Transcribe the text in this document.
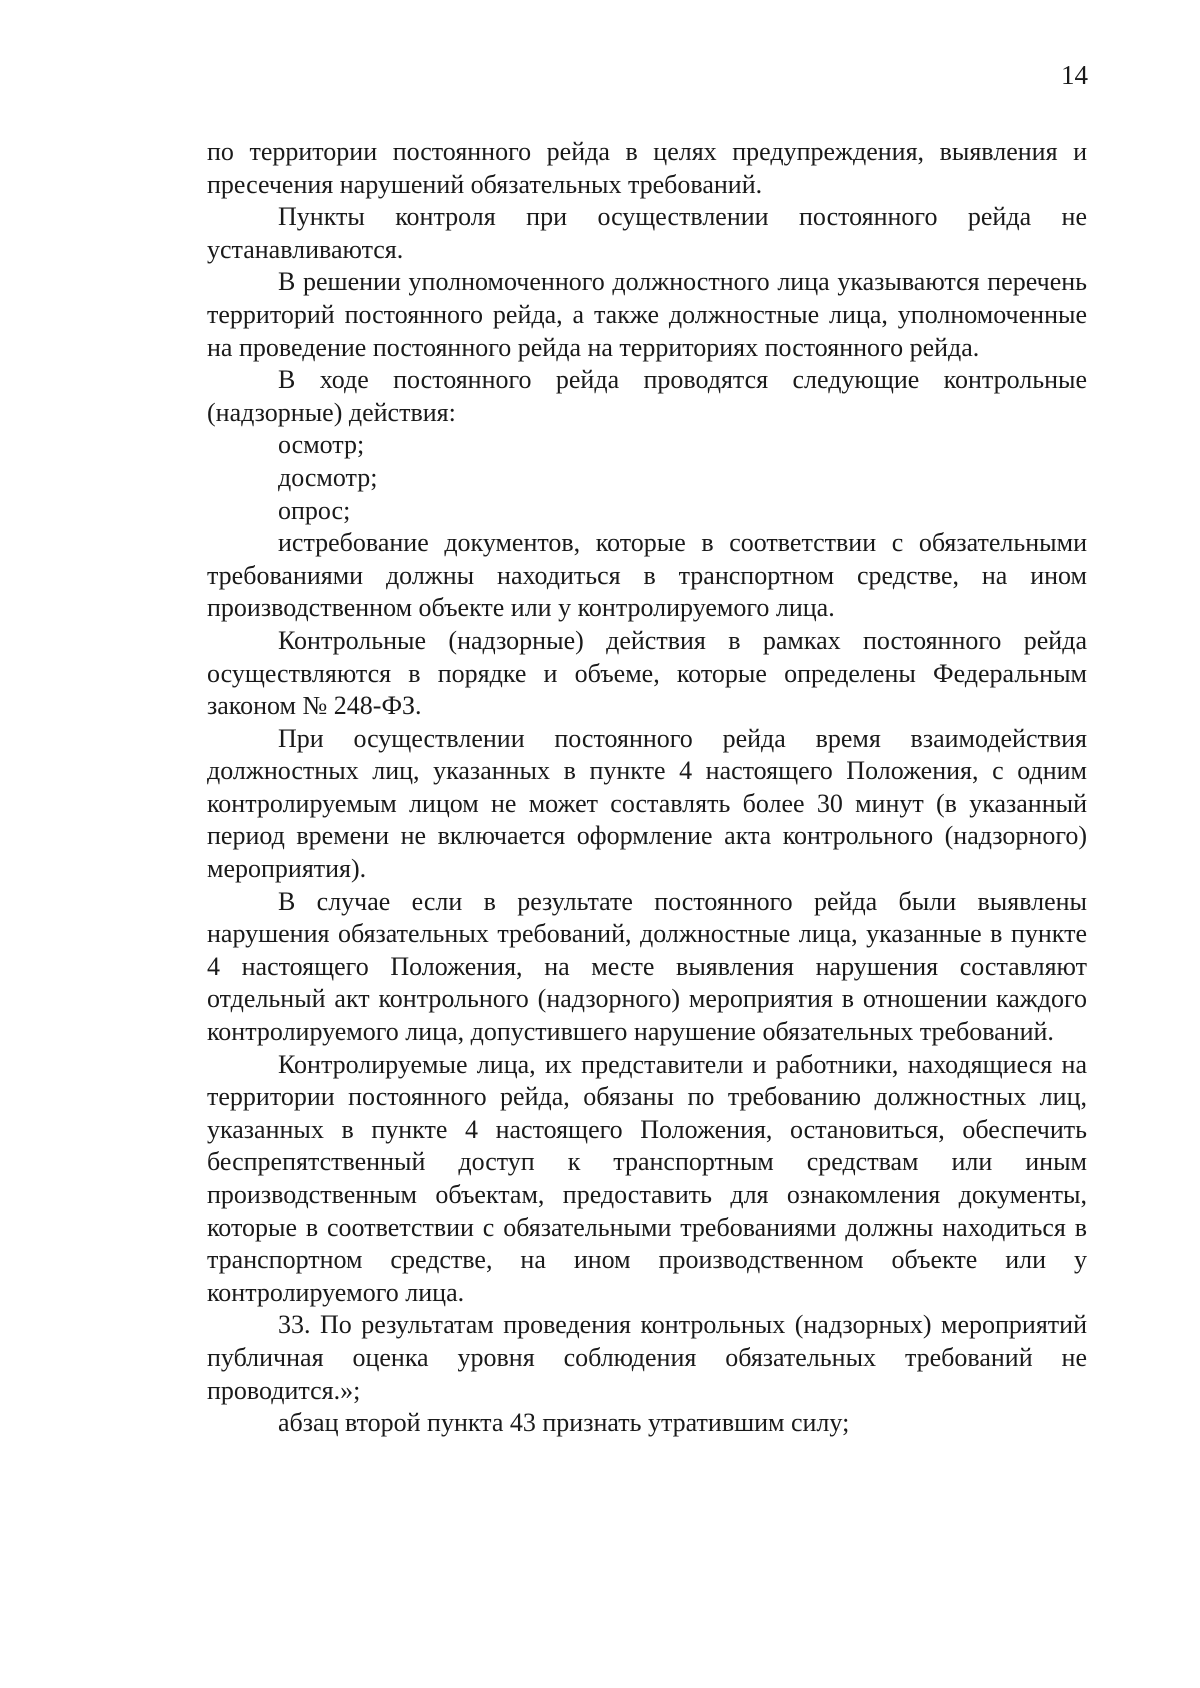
14

по территории постоянного рейда в целях предупреждения, выявления и пресечения нарушений обязательных требований.

Пункты контроля при осуществлении постоянного рейда не устанавливаются.

В решении уполномоченного должностного лица указываются перечень территорий постоянного рейда, а также должностные лица, уполномоченные на проведение постоянного рейда на территориях постоянного рейда.

В ходе постоянного рейда проводятся следующие контрольные (надзорные) действия:

осмотр;

досмотр;

опрос;

истребование документов, которые в соответствии с обязательными требованиями должны находиться в транспортном средстве, на ином производственном объекте или у контролируемого лица.

Контрольные (надзорные) действия в рамках постоянного рейда осуществляются в порядке и объеме, которые определены Федеральным законом № 248-ФЗ.

При осуществлении постоянного рейда время взаимодействия должностных лиц, указанных в пункте 4 настоящего Положения, с одним контролируемым лицом не может составлять более 30 минут (в указанный период времени не включается оформление акта контрольного (надзорного) мероприятия).

В случае если в результате постоянного рейда были выявлены нарушения обязательных требований, должностные лица, указанные в пункте 4 настоящего Положения, на месте выявления нарушения составляют отдельный акт контрольного (надзорного) мероприятия в отношении каждого контролируемого лица, допустившего нарушение обязательных требований.

Контролируемые лица, их представители и работники, находящиеся на территории постоянного рейда, обязаны по требованию должностных лиц, указанных в пункте 4 настоящего Положения, остановиться, обеспечить беспрепятственный доступ к транспортным средствам или иным производственным объектам, предоставить для ознакомления документы, которые в соответствии с обязательными требованиями должны находиться в транспортном средстве, на ином производственном объекте или у контролируемого лица.

33. По результатам проведения контрольных (надзорных) мероприятий публичная оценка уровня соблюдения обязательных требований не проводится.»;

абзац второй пункта 43 признать утратившим силу;
